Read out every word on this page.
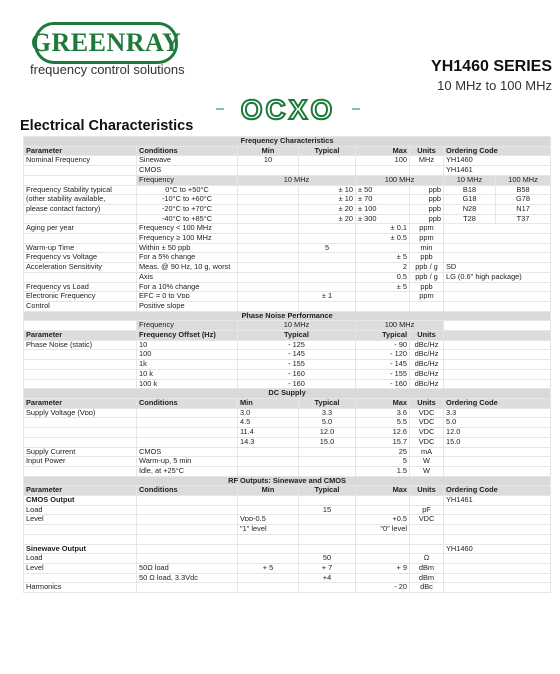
GREENRAY
frequency control solutions	YH1460 SERIES
10 MHz to 100 MHz
OCXO
Electrical Characteristics
Frequency Characteristics							
Parameter	Conditions	Min	Typical	Max	Units	Ordering Code	
Nominal Frequency	Sinewave	10		100	MHz	YH1460	
	CMOS					YH1461	
	Frequency	10 MHz		100 MHz		10 MHz	100 MHz
Frequency Stability typical	0°C to +50°C		± 10	± 50	ppb	B18	B58
(other stability available,	-10°C to +60°C		± 10	± 70	ppb	G18	G78
please contact factory)	-20°C to +70°C		± 20	± 100	ppb	N28	N17
	-40°C to +85°C		± 20	± 300	ppb	T28	T37
Aging per year	Frequency < 100 MHz			± 0.1	ppm		
	Frequency ≥ 100 MHz			± 0.5	ppm		
Warm-up Time	Within ± 50 ppb		5		min		
Frequency vs Voltage	For a 5% change			± 5	ppb		
Acceleration Sensitivity	Meas. @ 90 Hz, 10 g, worst			2	ppb / g	SD	
	Axis			0.5	ppb / g	LG (0.6" high package)	
Frequency vs Load	For a 10% change			± 5	ppb		
Electronic Frequency	EFC = 0 to Vᴅᴅ		± 1		ppm		
Control	Positive slope						
Phase Noise Performance							
	Frequency	10 MHz		100 MHz			
Parameter	Frequency Offset (Hz)	Typical		Typical	Units		
Phase Noise (static)	10	- 125		- 90	dBc/Hz		
	100	- 145		- 120	dBc/Hz		
	1k	- 155		- 145	dBc/Hz		
	10 k	- 160		- 155	dBc/Hz		
	100 k	- 160		- 160	dBc/Hz		
DC Supply							
Parameter	Conditions	Min	Typical	Max	Units	Ordering Code	
Supply Voltage (Vᴅᴅ)		3.0	3.3	3.6	VDC	3.3	
		4.5	5.0	5.5	VDC	5.0	
		11.4	12.0	12.6	VDC	12.0	
		14.3	15.0	15.7	VDC	15.0	
Supply Current	CMOS			25	mA		
Input Power	Warm-up, 5 min			5	W		
	Idle, at +25°C			1.5	W		
RF Outputs: Sinewave and CMOS							
Parameter	Conditions	Min	Typical	Max	Units	Ordering Code	
CMOS Output						YH1461	
Load			15		pF		
Level		Vᴅᴅ-0.5		+0.5	VDC		
		"1" level		"0" level			

Sinewave Output						YH1460	
Load			50		Ω		
Level	50Ω load	+ 5	+ 7	+ 9	dBm		
	50 Ω load, 3.3Vdc		+4		dBm		
Harmonics				- 20	dBc		
